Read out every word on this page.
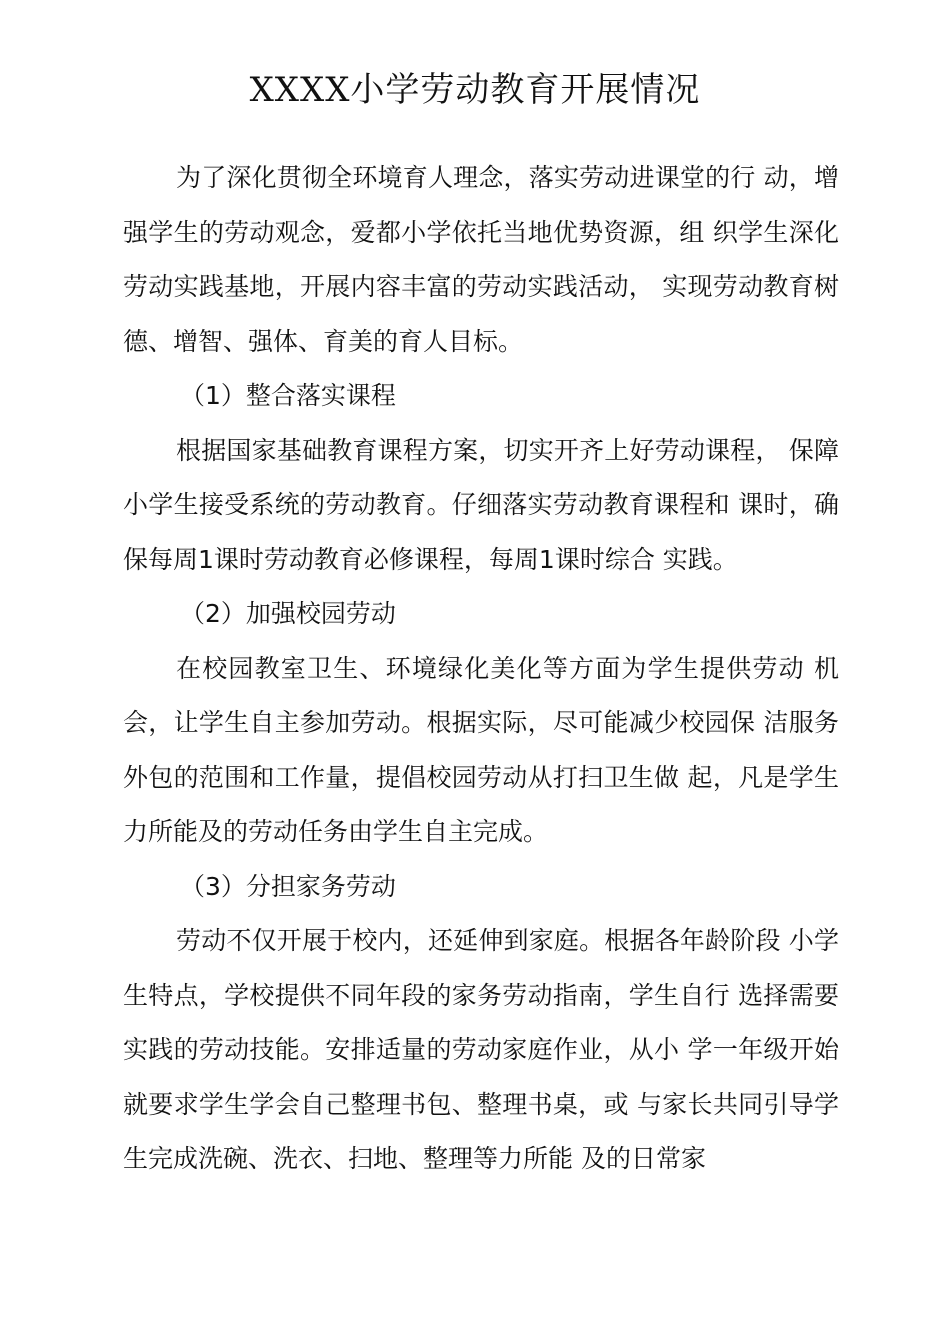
XXXX小学劳动教育开展情况

为了深化贯彻全环境育人理念，落实劳动进课堂的行 动，增强学生的劳动观念，爱都小学依托当地优势资源，组 织学生深化劳动实践基地，开展内容丰富的劳动实践活动， 实现劳动教育树德、增智、强体、育美的育人目标。

（1）整合落实课程

根据国家基础教育课程方案，切实开齐上好劳动课程， 保障小学生接受系统的劳动教育。仔细落实劳动教育课程和 课时，确保每周1课时劳动教育必修课程，每周1课时综合 实践。

（2）加强校园劳动

在校园教室卫生、环境绿化美化等方面为学生提供劳动 机会，让学生自主参加劳动。根据实际，尽可能减少校园保 洁服务外包的范围和工作量，提倡校园劳动从打扫卫生做 起，凡是学生力所能及的劳动任务由学生自主完成。

（3）分担家务劳动

劳动不仅开展于校内，还延伸到家庭。根据各年龄阶段 小学生特点，学校提供不同年段的家务劳动指南，学生自行 选择需要实践的劳动技能。安排适量的劳动家庭作业，从小 学一年级开始就要求学生学会自己整理书包、整理书桌，或 与家长共同引导学生完成洗碗、洗衣、扫地、整理等力所能 及的日常家
